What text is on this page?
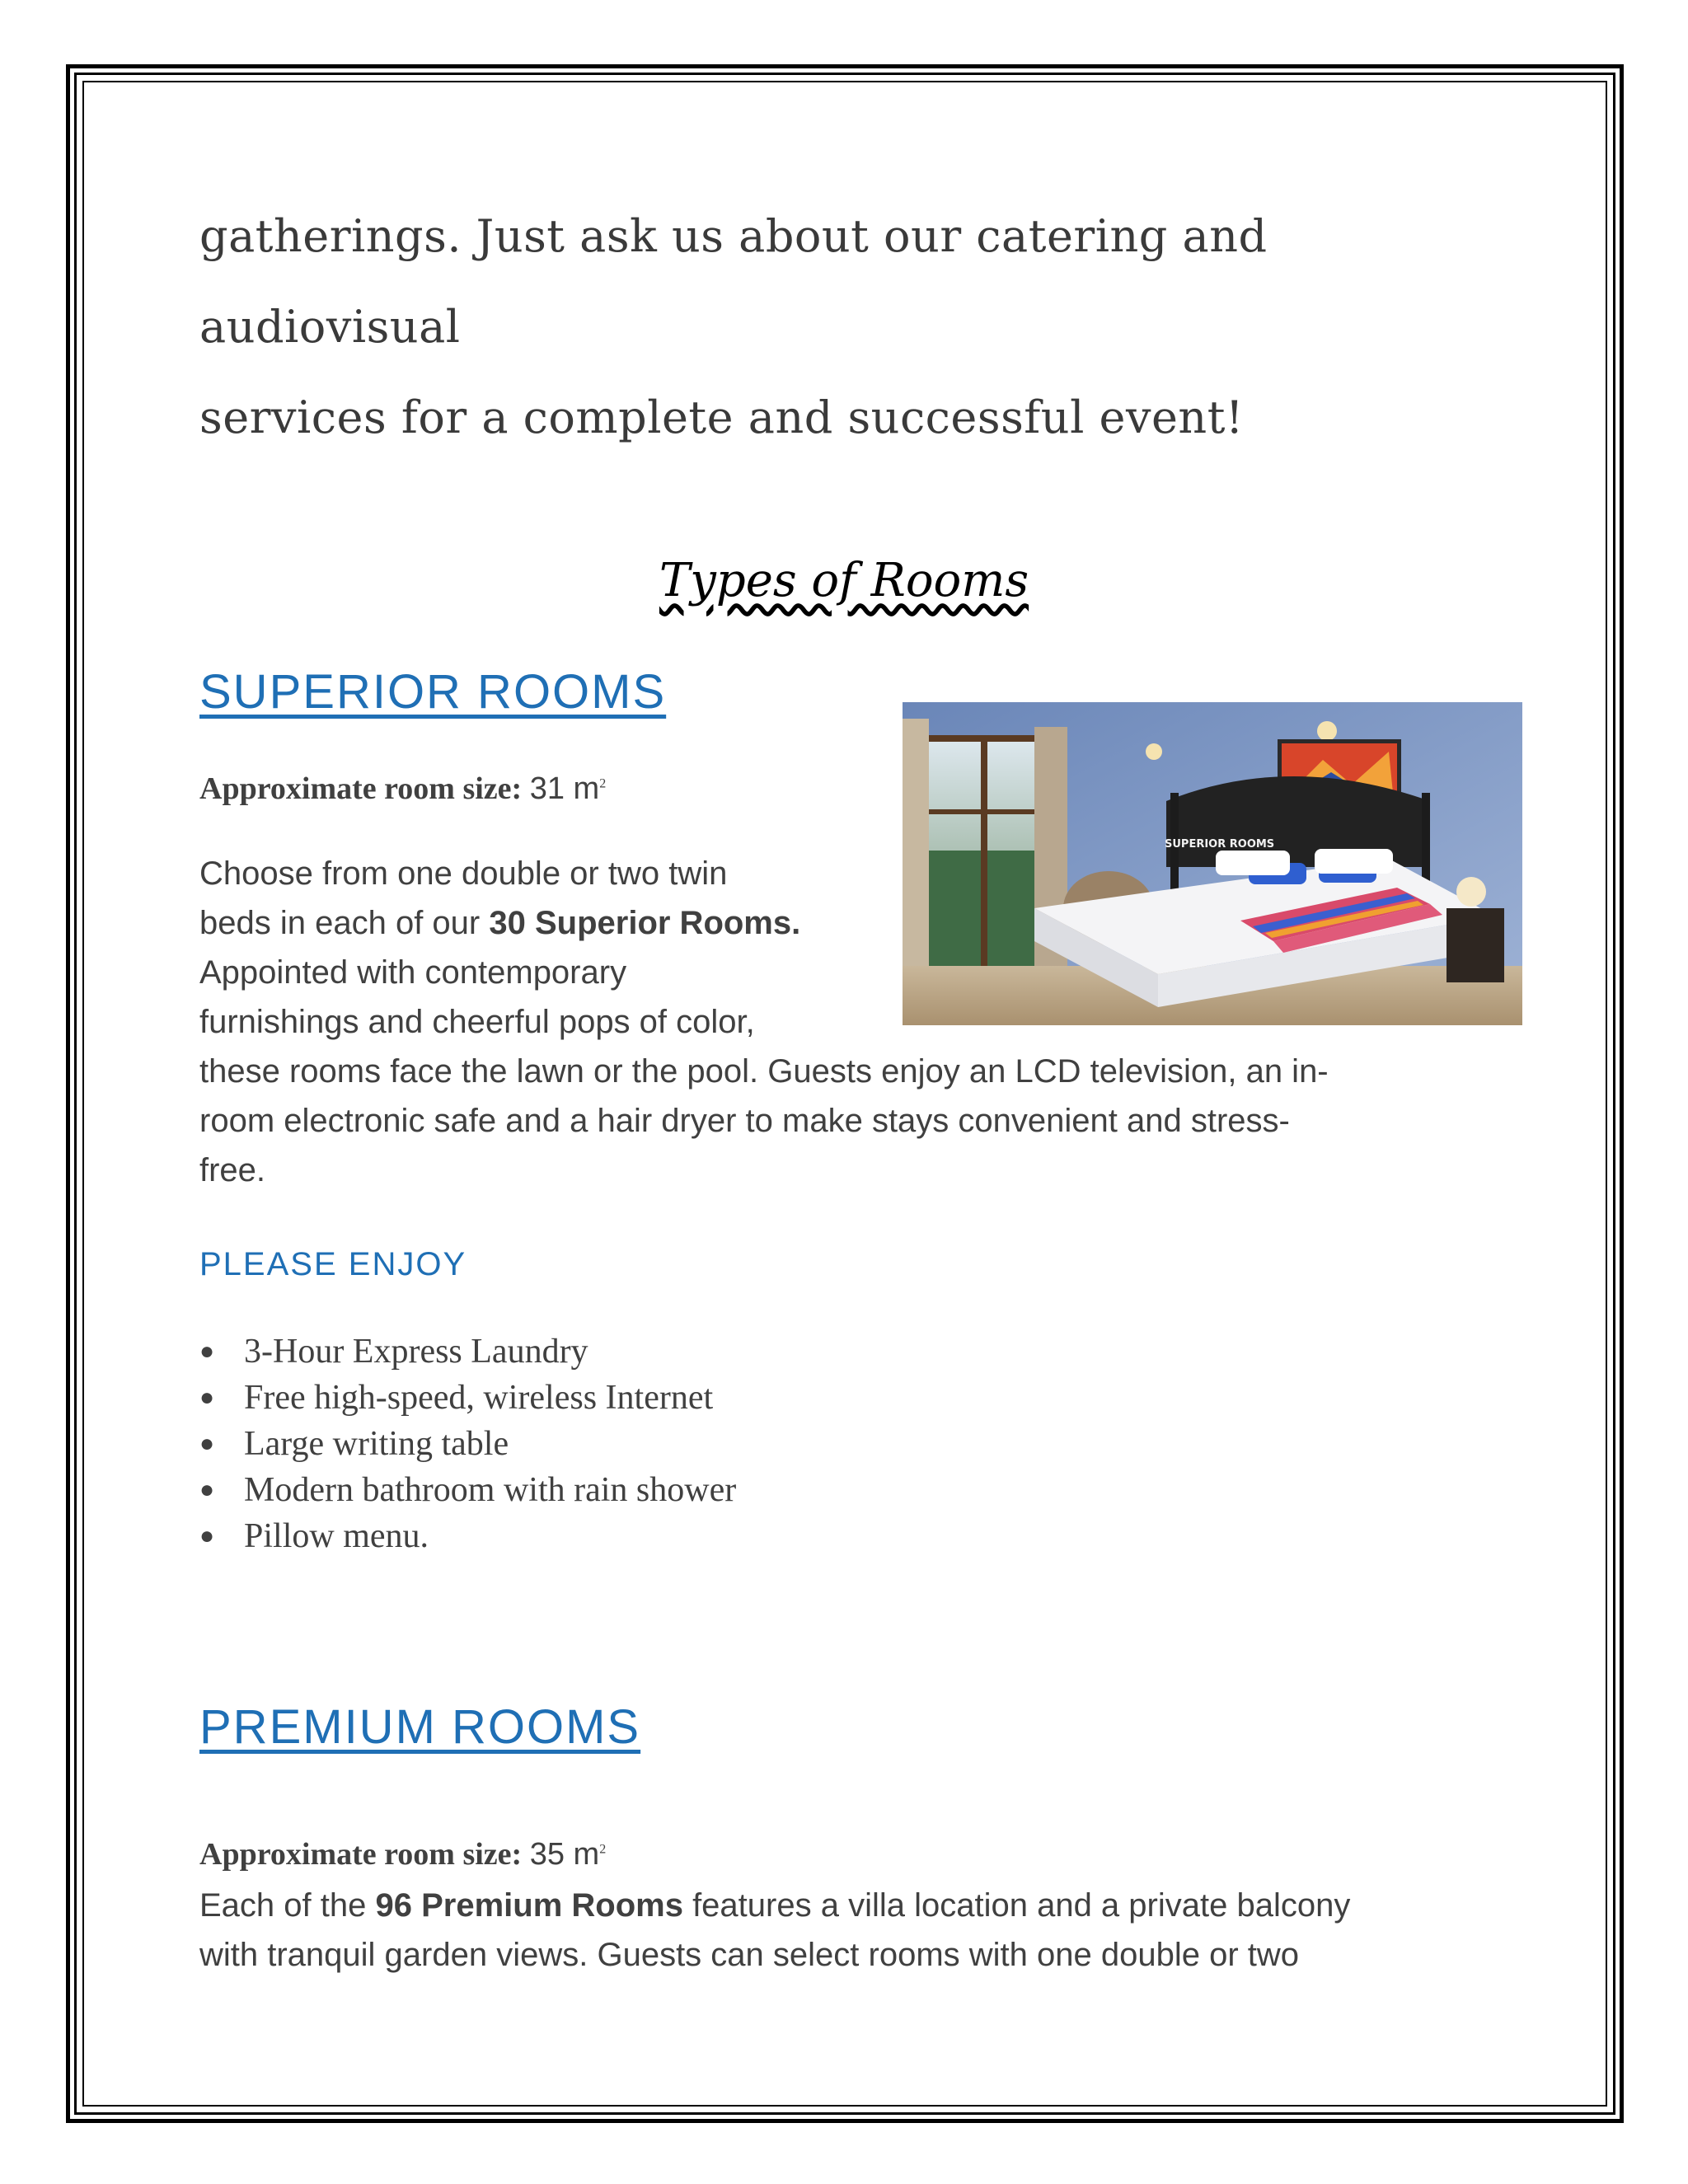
gatherings. Just ask us about our catering and audiovisual

services for a complete and successful event!

Types of Rooms
SUPERIOR ROOMS
Approximate room size: 31 $m^2$
Choose from one double or two twin
beds in each of our 30 Superior Rooms.
Appointed with contemporary
furnishings and cheerful pops of color,
these rooms face the lawn or the pool. Guests enjoy an LCD television, an in-
room electronic safe and a hair dryer to make stays convenient and stress-
free.
SUPERIOR ROOMS
PLEASE ENJOY
● 3-Hour Express Laundry
● Free high-speed, wireless Internet
● Large writing table
● Modern bathroom with rain shower
● Pillow menu.
PREMIUM ROOMS
Approximate room size: 35 $m^2$
Each of the 96 Premium Rooms features a villa location and a private balcony
with tranquil garden views. Guests can select rooms with one double or two
